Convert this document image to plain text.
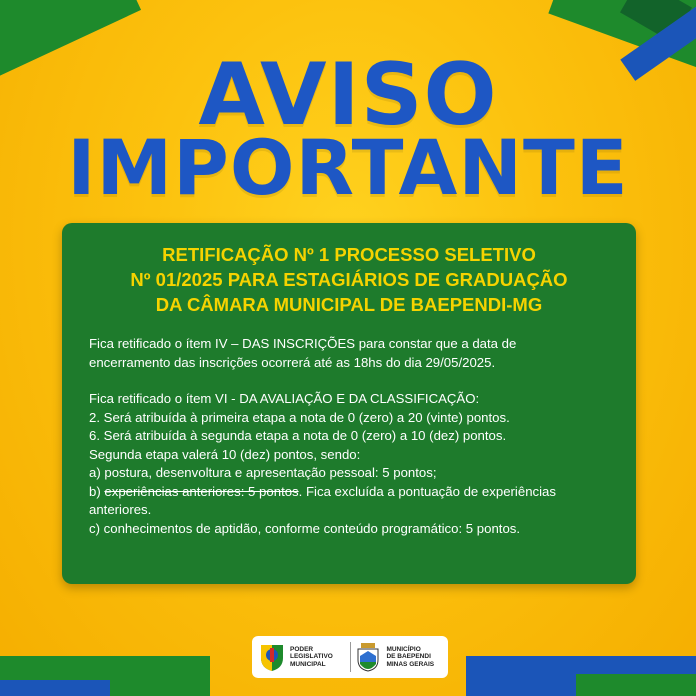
AVISO
IMPORTANTE
RETIFICAÇÃO Nº 1 PROCESSO SELETIVO
Nº 01/2025 PARA ESTAGIÁRIOS DE GRADUAÇÃO
DA CÂMARA MUNICIPAL DE BAEPENDI-MG

Fica retificado o ítem IV – DAS INSCRIÇÕES para constar que a data de

encerramento das inscrições ocorrerá até as 18hs do dia 29/05/2025.

Fica retificado o ítem VI - DA AVALIAÇÃO E DA CLASSIFICAÇÃO:

2. Será atribuída à primeira etapa a nota de 0 (zero) a 20 (vinte) pontos.

6. Será atribuída à segunda etapa a nota de 0 (zero) a 10 (dez) pontos.

Segunda etapa valerá 10 (dez) pontos, sendo:

a) postura, desenvoltura e apresentação pessoal: 5 pontos;

b) experiências anteriores: 5 pontos. Fica excluída a pontuação de experiências

anteriores.

c) conhecimentos de aptidão, conforme conteúdo programático: 5 pontos.

PODER
LEGISLATIVO
MUNICIPAL
MUNICÍPIO
DE BAEPENDI
MINAS GERAIS
